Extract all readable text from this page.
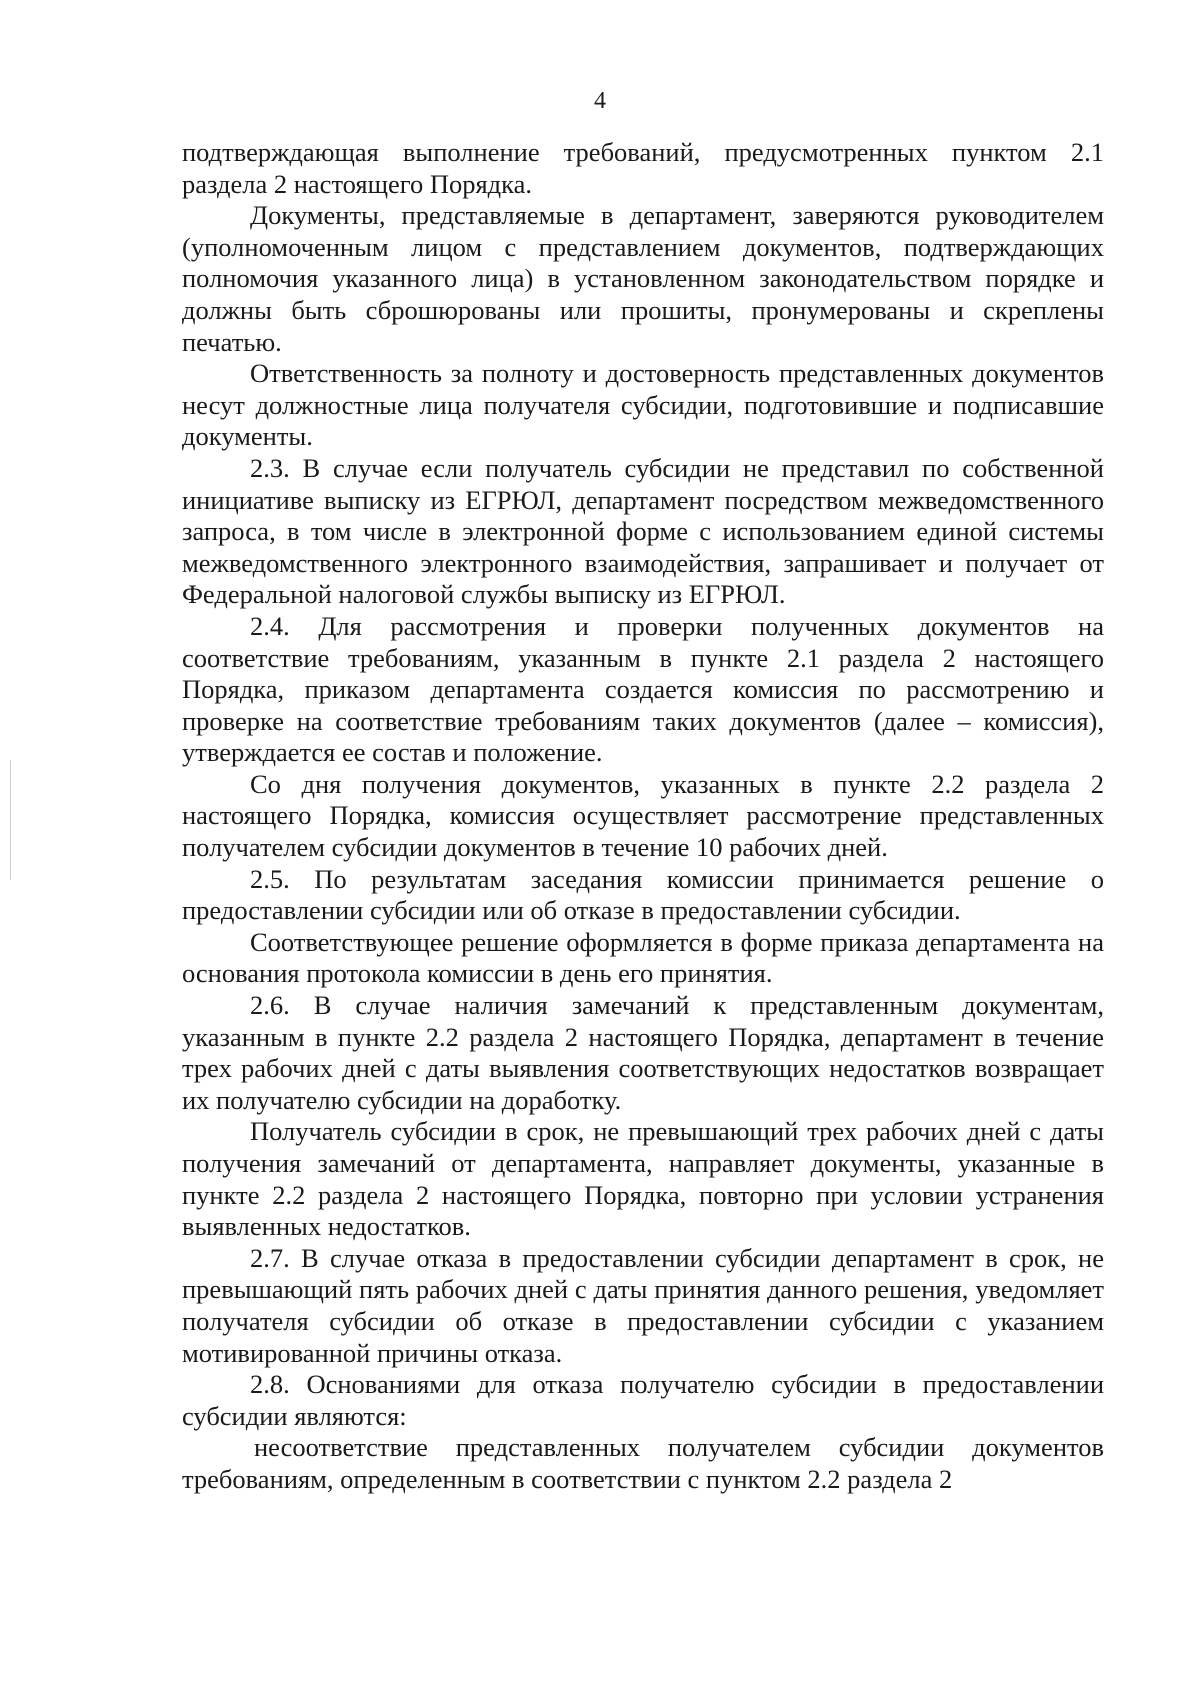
4

подтверждающая выполнение требований, предусмотренных пунктом 2.1 раздела 2 настоящего Порядка.

Документы, представляемые в департамент, заверяются руководителем (уполномоченным лицом с представлением документов, подтверждающих полномочия указанного лица) в установленном законодательством порядке и должны быть сброшюрованы или прошиты, пронумерованы и скреплены печатью.

Ответственность за полноту и достоверность представленных документов несут должностные лица получателя субсидии, подготовившие и подписавшие документы.

2.3. В случае если получатель субсидии не представил по собственной инициативе выписку из ЕГРЮЛ, департамент посредством межведомственного запроса, в том числе в электронной форме с использованием единой системы межведомственного электронного взаимодействия, запрашивает и получает от Федеральной налоговой службы выписку из ЕГРЮЛ.

2.4. Для рассмотрения и проверки полученных документов на соответствие требованиям, указанным в пункте 2.1 раздела 2 настоящего Порядка, приказом департамента создается комиссия по рассмотрению и проверке на соответствие требованиям таких документов (далее – комиссия), утверждается ее состав и положение.

Со дня получения документов, указанных в пункте 2.2 раздела 2 настоящего Порядка, комиссия осуществляет рассмотрение представленных получателем субсидии документов в течение 10 рабочих дней.

2.5. По результатам заседания комиссии принимается решение о предоставлении субсидии или об отказе в предоставлении субсидии.

Соответствующее решение оформляется в форме приказа департамента на основания протокола комиссии в день его принятия.

2.6. В случае наличия замечаний к представленным документам, указанным в пункте 2.2 раздела 2 настоящего Порядка, департамент в течение трех рабочих дней с даты выявления соответствующих недостатков возвращает их получателю субсидии на доработку.

Получатель субсидии в срок, не превышающий трех рабочих дней с даты получения замечаний от департамента, направляет документы, указанные в пункте 2.2 раздела 2 настоящего Порядка, повторно при условии устранения выявленных недостатков.

2.7. В случае отказа в предоставлении субсидии департамент в срок, не превышающий пять рабочих дней с даты принятия данного решения, уведомляет получателя субсидии об отказе в предоставлении субсидии с указанием мотивированной причины отказа.

2.8. Основаниями для отказа получателю субсидии в предоставлении субсидии являются:

несоответствие представленных получателем субсидии документов требованиям, определенным в соответствии с пунктом 2.2 раздела 2
